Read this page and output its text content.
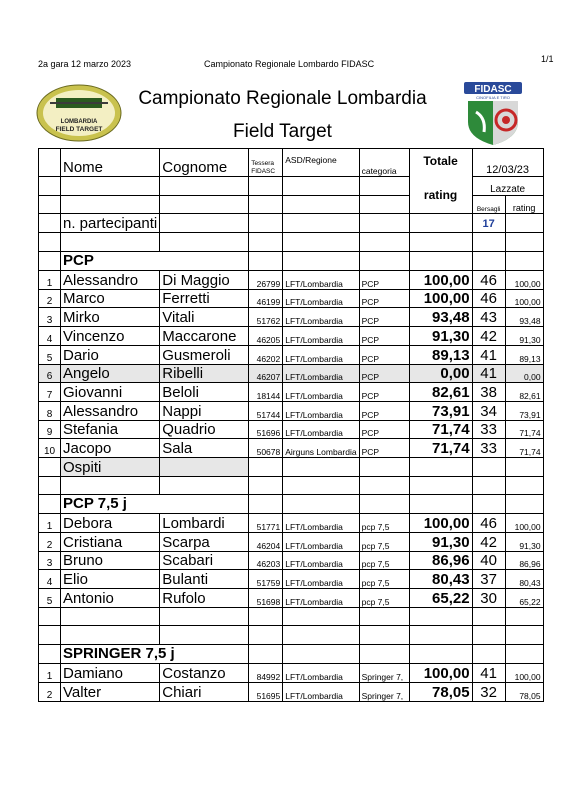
2a gara 12 marzo 2023	Campionato Regionale Lombardo FIDASC	1/1
LOMBARDIA
FIELD TARGET
Campionato Regionale Lombardia
Field Target
FIDASC
CINOFILIA E TIRO
	Nome	Cognome	Tessera
FIDASC	ASD/Regione	categoria	Totale	12/03/23	
						rating	Lazzate	
							Bersagli	rating
	n. partecipanti						17	

	PCP							
1	Alessandro	Di Maggio	26799	LFT/Lombardia	PCP	100,00	46	100,00
2	Marco	Ferretti	46199	LFT/Lombardia	PCP	100,00	46	100,00
3	Mirko	Vitali	51762	LFT/Lombardia	PCP	93,48	43	93,48
4	Vincenzo	Maccarone	46205	LFT/Lombardia	PCP	91,30	42	91,30
5	Dario	Gusmeroli	46202	LFT/Lombardia	PCP	89,13	41	89,13
6	Angelo	Ribelli	46207	LFT/Lombardia	PCP	0,00	41	0,00
7	Giovanni	Beloli	18144	LFT/Lombardia	PCP	82,61	38	82,61
8	Alessandro	Nappi	51744	LFT/Lombardia	PCP	73,91	34	73,91
9	Stefania	Quadrio	51696	LFT/Lombardia	PCP	71,74	33	71,74
10	Jacopo	Sala	50678	Airguns Lombardia	PCP	71,74	33	71,74
	Ospiti							

	PCP 7,5 j							
1	Debora	Lombardi	51771	LFT/Lombardia	pcp 7,5	100,00	46	100,00
2	Cristiana	Scarpa	46204	LFT/Lombardia	pcp 7,5	91,30	42	91,30
3	Bruno	Scabari	46203	LFT/Lombardia	pcp 7,5	86,96	40	86,96
4	Elio	Bulanti	51759	LFT/Lombardia	pcp 7,5	80,43	37	80,43
5	Antonio	Rufolo	51698	LFT/Lombardia	pcp 7,5	65,22	30	65,22

	SPRINGER 7,5 j							
1	Damiano	Costanzo	84992	LFT/Lombardia	Springer 7,	100,00	41	100,00
2	Valter	Chiari	51695	LFT/Lombardia	Springer 7,	78,05	32	78,05
